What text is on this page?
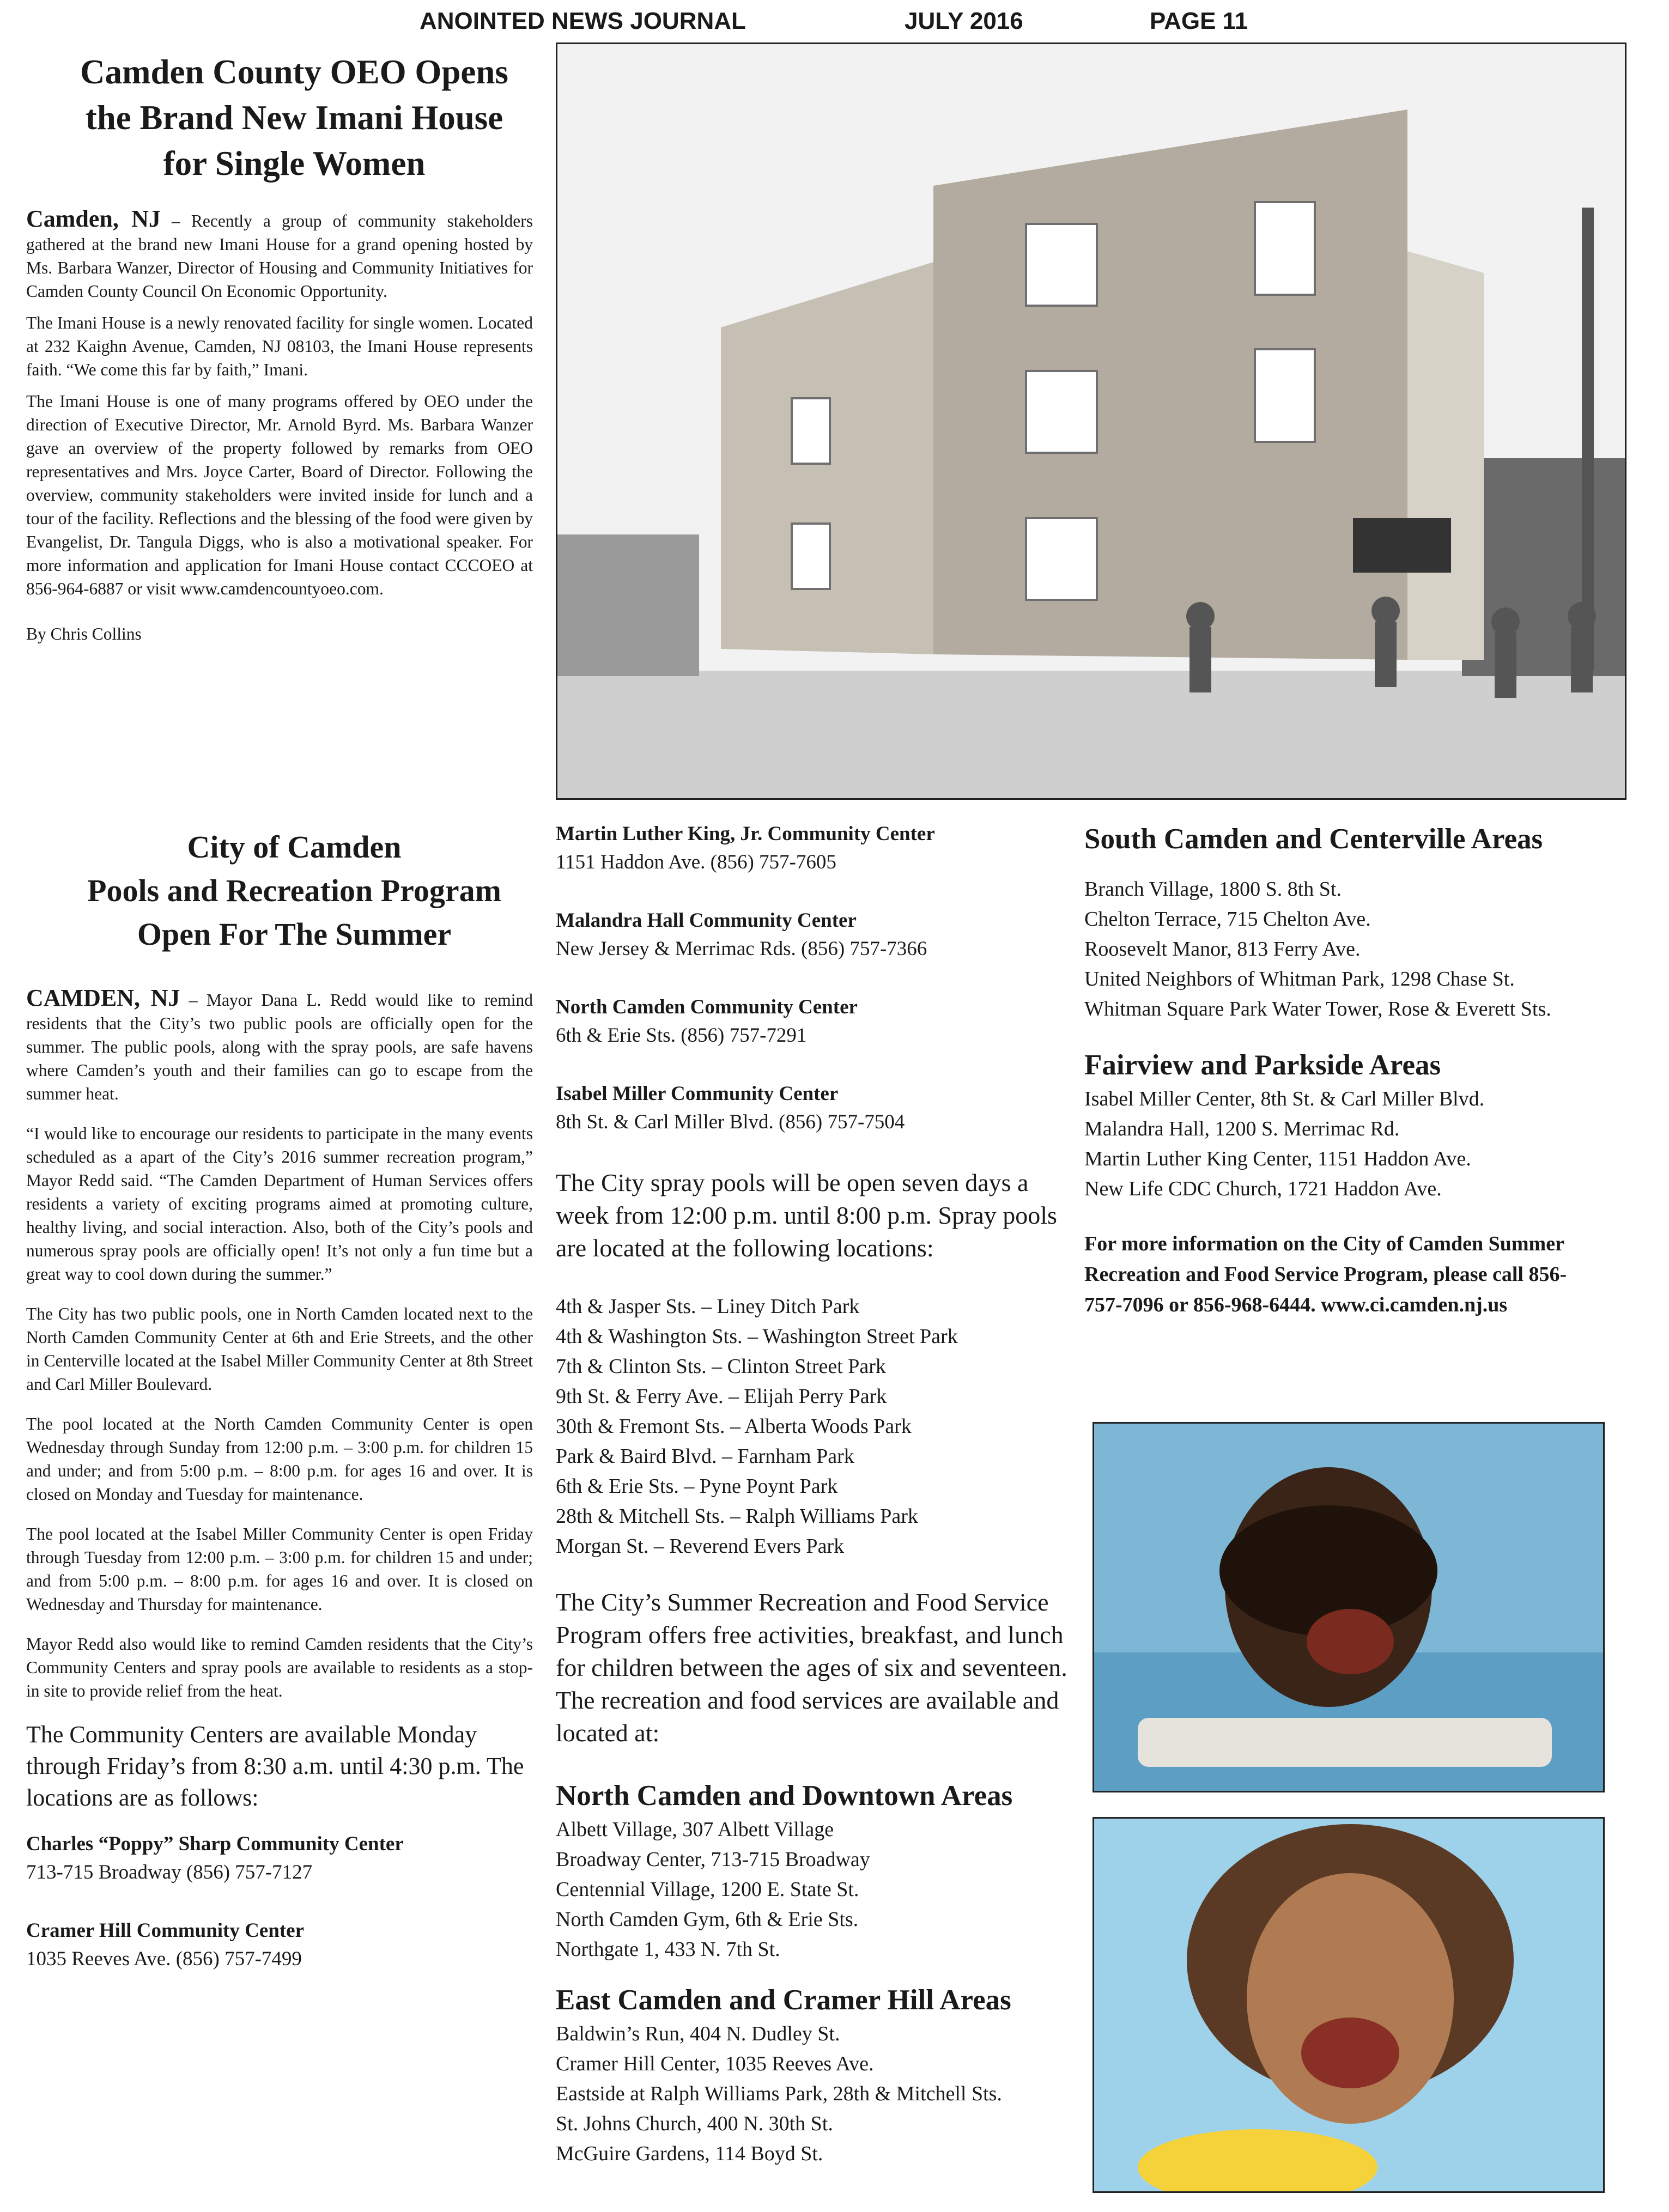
ANOINTED NEWS JOURNAL	JULY 2016	PAGE 11
Camden County OEO Opens
the Brand New Imani House
for Single Women

Camden, NJ – Recently a group of community stakeholders gathered at the brand new Imani House for a grand opening hosted by Ms. Barbara Wanzer, Director of Housing and Community Initiatives for Camden County Council On Economic Opportunity.

The Imani House is a newly renovated facility for single women. Located at 232 Kaighn Avenue, Camden, NJ 08103, the Imani House represents faith. “We come this far by faith,” Imani.

The Imani House is one of many programs offered by OEO under the direction of Executive Director, Mr. Arnold Byrd. Ms. Barbara Wanzer gave an overview of the property followed by remarks from OEO representatives and Mrs. Joyce Carter, Board of Director. Following the overview, community stakeholders were invited inside for lunch and a tour of the facility. Reflections and the blessing of the food were given by Evangelist, Dr. Tangula Diggs, who is also a motivational speaker. For more information and application for Imani House contact CCCOEO at 856-964-6887 or visit www.camdencountyoeo.com.

By Chris Collins

City of Camden
Pools and Recreation Program
Open For The Summer

CAMDEN, NJ – Mayor Dana L. Redd would like to remind residents that the City’s two public pools are officially open for the summer. The public pools, along with the spray pools, are safe havens where Camden’s youth and their families can go to escape from the summer heat.

“I would like to encourage our residents to participate in the many events scheduled as a apart of the City’s 2016 summer recreation program,” Mayor Redd said. “The Camden Department of Human Services offers residents a variety of exciting programs aimed at promoting culture, healthy living, and social interaction. Also, both of the City’s pools and numerous spray pools are officially open! It’s not only a fun time but a great way to cool down during the summer.”

The City has two public pools, one in North Camden located next to the North Camden Community Center at 6th and Erie Streets, and the other in Centerville located at the Isabel Miller Community Center at 8th Street and Carl Miller Boulevard.

The pool located at the North Camden Community Center is open Wednesday through Sunday from 12:00 p.m. – 3:00 p.m. for children 15 and under; and from 5:00 p.m. – 8:00 p.m. for ages 16 and over. It is closed on Monday and Tuesday for maintenance.

The pool located at the Isabel Miller Community Center is open Friday through Tuesday from 12:00 p.m. – 3:00 p.m. for children 15 and under; and from 5:00 p.m. – 8:00 p.m. for ages 16 and over. It is closed on Wednesday and Thursday for maintenance.

Mayor Redd also would like to remind Camden residents that the City’s Community Centers and spray pools are available to residents as a stop-in site to provide relief from the heat.

The Community Centers are available Monday through Friday’s from 8:30 a.m. until 4:30 p.m. The locations are as follows:

Charles “Poppy” Sharp Community Center
713-715 Broadway (856) 757-7127
Cramer Hill Community Center
1035 Reeves Ave. (856) 757-7499
Martin Luther King, Jr. Community Center
1151 Haddon Ave. (856) 757-7605
Malandra Hall Community Center
New Jersey & Merrimac Rds. (856) 757-7366
North Camden Community Center
6th & Erie Sts. (856) 757-7291
Isabel Miller Community Center
8th St. & Carl Miller Blvd. (856) 757-7504

The City spray pools will be open seven days a week from 12:00 p.m. until 8:00 p.m. Spray pools are located at the following locations:

4th & Jasper Sts. – Liney Ditch Park
4th & Washington Sts. – Washington Street Park
7th & Clinton Sts. – Clinton Street Park
9th St. & Ferry Ave. – Elijah Perry Park
30th & Fremont Sts. – Alberta Woods Park
Park & Baird Blvd. – Farnham Park
6th & Erie Sts. – Pyne Poynt Park
28th & Mitchell Sts. – Ralph Williams Park
Morgan St. – Reverend Evers Park

The City’s Summer Recreation and Food Service Program offers free activities, breakfast, and lunch for children between the ages of six and seventeen. The recreation and food services are available and located at:

North Camden and Downtown Areas
Albett Village, 307 Albett Village
Broadway Center, 713-715 Broadway
Centennial Village, 1200 E. State St.
North Camden Gym, 6th & Erie Sts.
Northgate 1, 433 N. 7th St.
East Camden and Cramer Hill Areas
Baldwin’s Run, 404 N. Dudley St.
Cramer Hill Center, 1035 Reeves Ave.
Eastside at Ralph Williams Park, 28th & Mitchell Sts.
St. Johns Church, 400 N. 30th St.
McGuire Gardens, 114 Boyd St.
South Camden and Centerville Areas
Branch Village, 1800 S. 8th St.
Chelton Terrace, 715 Chelton Ave.
Roosevelt Manor, 813 Ferry Ave.
United Neighbors of Whitman Park, 1298 Chase St.
Whitman Square Park Water Tower, Rose & Everett Sts.
Fairview and Parkside Areas
Isabel Miller Center, 8th St. & Carl Miller Blvd.
Malandra Hall, 1200 S. Merrimac Rd.
Martin Luther King Center, 1151 Haddon Ave.
New Life CDC Church, 1721 Haddon Ave.

For more information on the City of Camden Summer Recreation and Food Service Program, please call 856-757-7096 or 856-968-6444. www.ci.camden.nj.us
